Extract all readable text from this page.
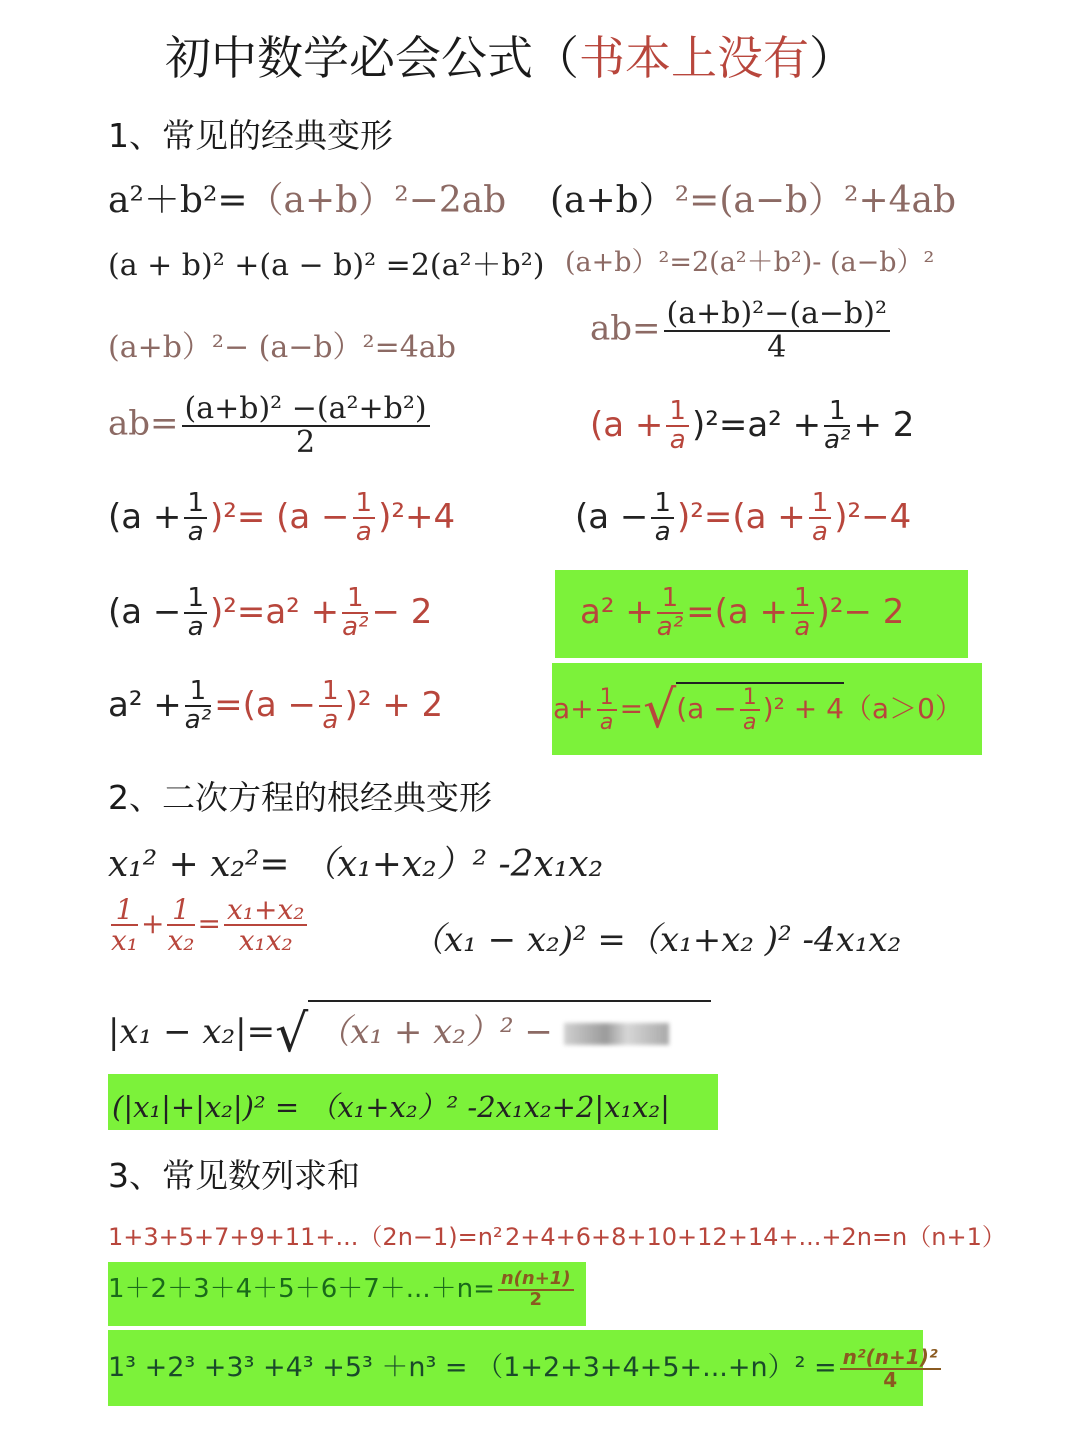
初中数学必会公式（书本上没有）
1、常见的经典变形
a²＋b²=（a+b）²−2ab (a+b）²=(a−b）²+4ab
(a + b)² +(a − b)² =2(a²＋b²) (a+b）²=2(a²＋b²)- (a−b）²
(a+b）²− (a−b）²=4ab	$ab= \frac{\text{(a+b)²−(a−b)²}}{4}$
$ab= \frac{\text{(a+b)² −(a²+b²)}}{2}$	$(a + \frac{1}{a} )^2=a^2 + \frac{1}{\text{a²}} + 2$
$(a + \frac{1}{a} )^2= (a - \frac{1}{a} )^2+4$	$(a - \frac{1}{a} )^2=(a + \frac{1}{a} )^2-4$
$(a - \frac{1}{a} )^2=a^2 + \frac{1}{\text{a²}} - 2$	$a^2 + \frac{1}{\text{a²}} =(a + \frac{1}{a} )^2- 2$
$a^2 + \frac{1}{\text{a²}} =(a - \frac{1}{a} )^2 + 2$	$a+ \frac{1}{a} =√(a - \frac{1}{a} )^2 + 4(a>0)$
2、二次方程的根经典变形
x₁² + x₂²= （x₁+x₂）² -2x₁x₂
$\frac{1}{\text{x₁}} + \frac{1}{\text{x₂}} = \frac{\text{x₁+x₂}}{\text{x₁x₂}}$	（x₁ − x₂)² =（x₁+x₂ )² -4x₁x₂
|x₁ − x₂|=√ （x₁ + x₂）² −
(|x₁|+|x₂|)² = （x₁+x₂）² -2x₁x₂+2|x₁x₂|
3、常见数列求和
1+3+5+7+9+11+...（2n−1)=n² 2+4+6+8+10+12+14+...+2n=n（n+1）
$1+2+3+4+5+6+7+...+n= \frac{n(n+1)}{2}$
$1^3 +2^3 +3^3 +4^3 +5^3 +n^3 = (1+2+3+4+5+...+n)^2 = \frac{\text{n²(n+1)²}}{4}$
